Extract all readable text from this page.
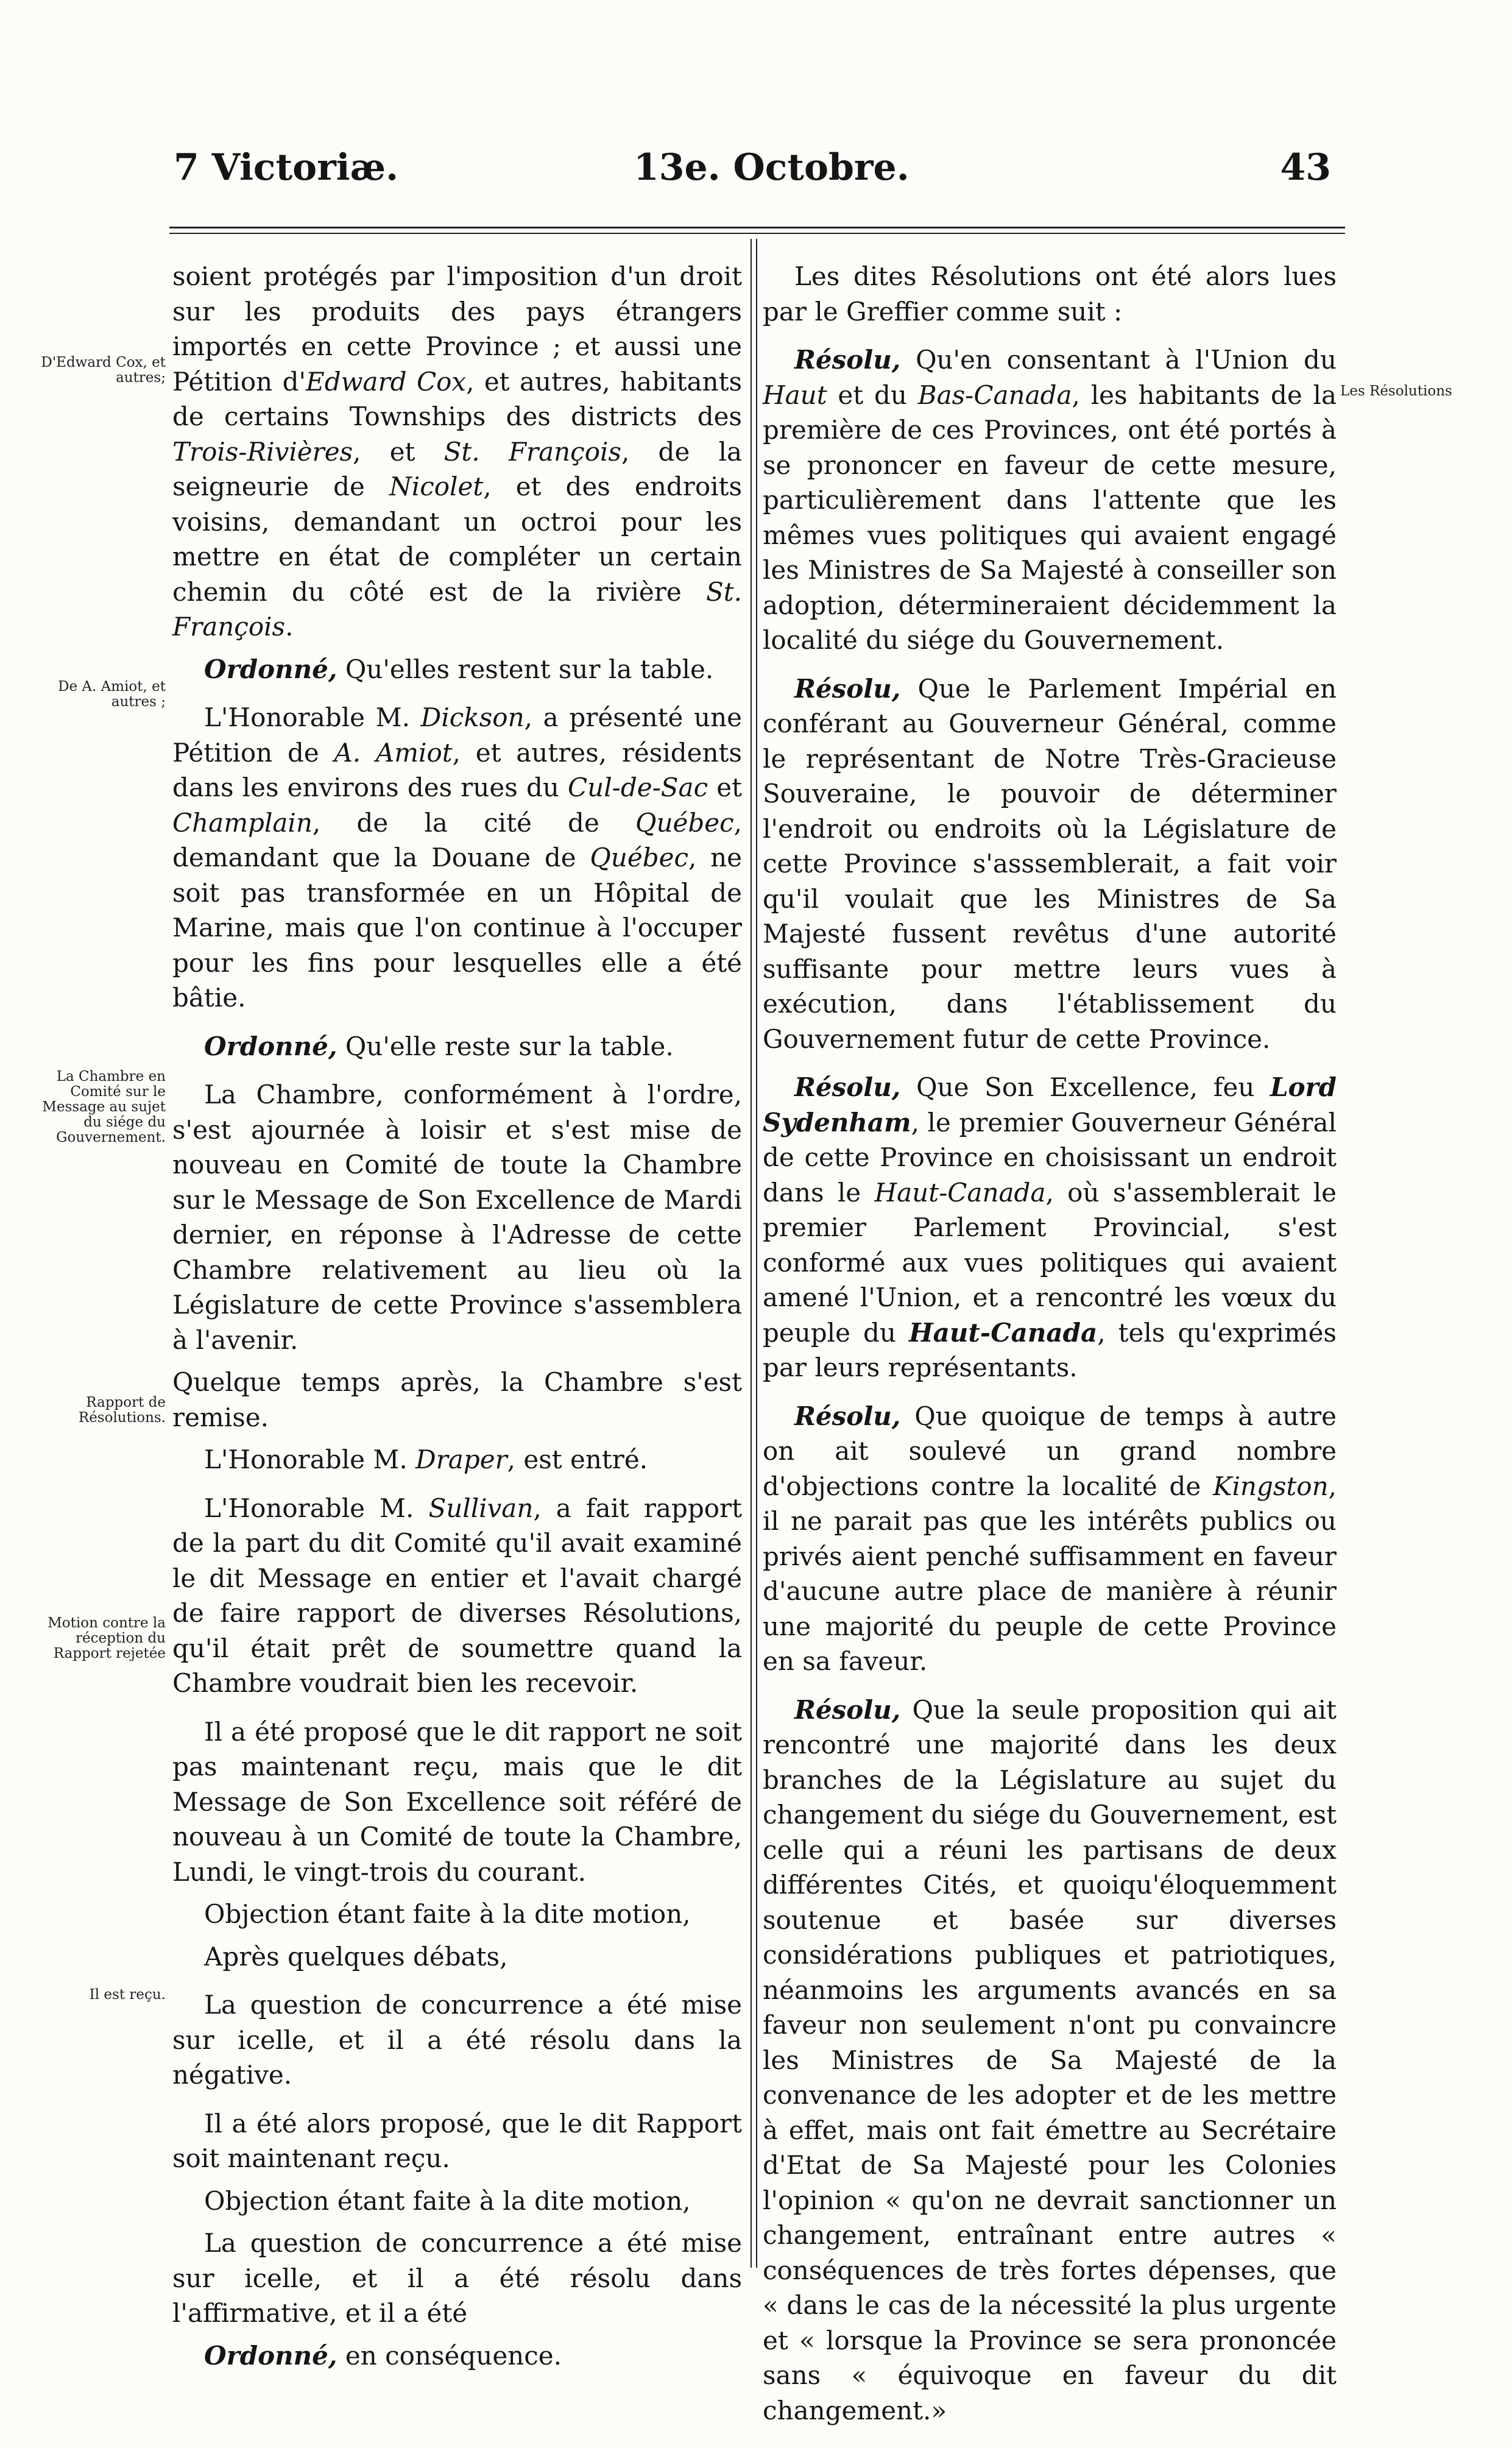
7 Victoriæ.	13e. Octobre.	43
D'Edward Cox, et autres;
De A. Amiot, et autres ;
La Chambre en Comité sur le Message au sujet du siége du Gouvernement.
Rapport de Résolutions.
Motion contre la réception du Rapport rejetée
Il est reçu.
Les Résolutions

soient protégés par l'imposition d'un droit sur les produits des pays étrangers importés en cette Province ; et aussi une Pétition d'Edward Cox, et autres, habitants de certains Townships des districts des Trois-Rivières, et St. François, de la seigneurie de Nicolet, et des endroits voisins, demandant un octroi pour les mettre en état de compléter un certain chemin du côté est de la rivière St. François.

Ordonné, Qu'elles restent sur la table.

L'Honorable M. Dickson, a présenté une Pétition de A. Amiot, et autres, résidents dans les environs des rues du Cul-de-Sac et Champlain, de la cité de Québec, demandant que la Douane de Québec, ne soit pas transformée en un Hôpital de Marine, mais que l'on continue à l'occuper pour les fins pour lesquelles elle a été bâtie.

Ordonné, Qu'elle reste sur la table.

La Chambre, conformément à l'ordre, s'est ajournée à loisir et s'est mise de nouveau en Comité de toute la Chambre sur le Message de Son Excellence de Mardi dernier, en réponse à l'Adresse de cette Chambre relativement au lieu où la Législature de cette Province s'assemblera à l'avenir.

Quelque temps après, la Chambre s'est remise.

L'Honorable M. Draper, est entré.

L'Honorable M. Sullivan, a fait rapport de la part du dit Comité qu'il avait examiné le dit Message en entier et l'avait chargé de faire rapport de diverses Résolutions, qu'il était prêt de soumettre quand la Chambre voudrait bien les recevoir.

Il a été proposé que le dit rapport ne soit pas maintenant reçu, mais que le dit Message de Son Excellence soit référé de nouveau à un Comité de toute la Chambre, Lundi, le vingt-trois du courant.

Objection étant faite à la dite motion,

Après quelques débats,

La question de concurrence a été mise sur icelle, et il a été résolu dans la négative.

Il a été alors proposé, que le dit Rapport soit maintenant reçu.

Objection étant faite à la dite motion,

La question de concurrence a été mise sur icelle, et il a été résolu dans l'affirmative, et il a été

Ordonné, en conséquence.

Les dites Résolutions ont été alors lues par le Greffier comme suit :

Résolu, Qu'en consentant à l'Union du Haut et du Bas-Canada, les habitants de la première de ces Provinces, ont été portés à se prononcer en faveur de cette mesure, particulièrement dans l'attente que les mêmes vues politiques qui avaient engagé les Ministres de Sa Majesté à conseiller son adoption, détermineraient décidemment la localité du siége du Gouvernement.

Résolu, Que le Parlement Impérial en conférant au Gouverneur Général, comme le représentant de Notre Très-Gracieuse Souveraine, le pouvoir de déterminer l'endroit ou endroits où la Législature de cette Province s'asssemblerait, a fait voir qu'il voulait que les Ministres de Sa Majesté fussent revêtus d'une autorité suffisante pour mettre leurs vues à exécution, dans l'établissement du Gouvernement futur de cette Province.

Résolu, Que Son Excellence, feu Lord Sydenham, le premier Gouverneur Général de cette Province en choisissant un endroit dans le Haut-Canada, où s'assemblerait le premier Parlement Provincial, s'est conformé aux vues politiques qui avaient amené l'Union, et a rencontré les vœux du peuple du Haut-Canada, tels qu'exprimés par leurs représentants.

Résolu, Que quoique de temps à autre on ait soulevé un grand nombre d'objections contre la localité de Kingston, il ne parait pas que les intérêts publics ou privés aient penché suffisamment en faveur d'aucune autre place de manière à réunir une majorité du peuple de cette Province en sa faveur.

Résolu, Que la seule proposition qui ait rencontré une majorité dans les deux branches de la Législature au sujet du changement du siége du Gouvernement, est celle qui a réuni les partisans de deux différentes Cités, et quoiqu'éloquemment soutenue et basée sur diverses considérations publiques et patriotiques, néanmoins les arguments avancés en sa faveur non seulement n'ont pu convaincre les Ministres de Sa Majesté de la convenance de les adopter et de les mettre à effet, mais ont fait émettre au Secrétaire d'Etat de Sa Majesté pour les Colonies l'opinion « qu'on ne devrait sanctionner un changement, entraînant entre autres « conséquences de très fortes dépenses, que « dans le cas de la nécessité la plus urgente et « lorsque la Province se sera prononcée sans « équivoque en faveur du dit changement.»
